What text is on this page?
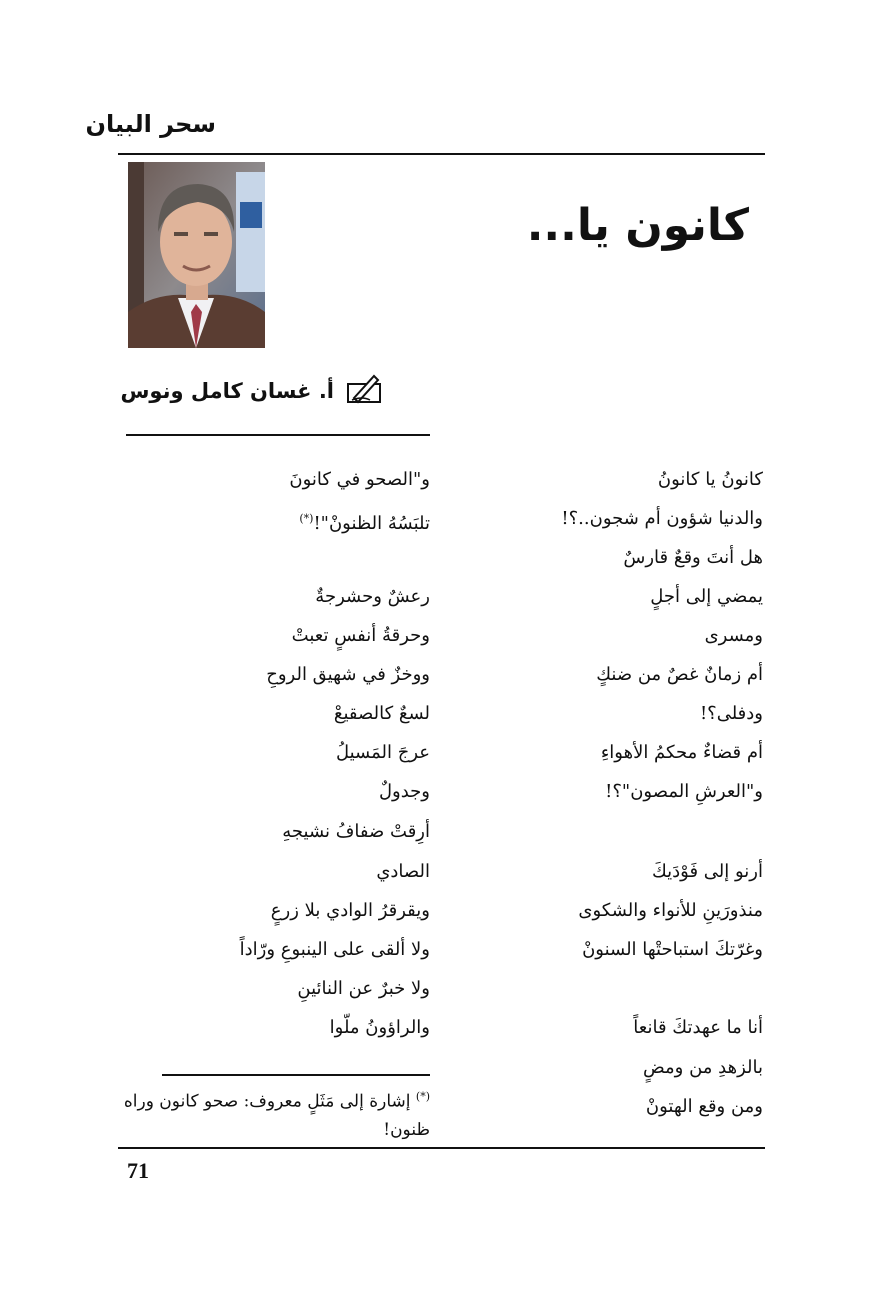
سحر البيان
كانون يا...
أ. غسان كامل ونوس
كانونُ يا كانونُ
والدنيا شؤون أم شجون..؟!
هل أنتَ وقعٌ قارسٌ
يمضي إلى أجلٍ
ومسرى
أم زمانٌ غصٌ من ضنكٍ
ودفلى؟!
أم قضاءٌ محكمُ الأهواءِ
و"العرشِ المصون"؟!
أرنو إلى فَوْدَيكَ
منذورَينِ للأنواء والشكوى
وغرّتكَ استباحتْها السنونْ
أنا ما عهدتكَ قانعاً
بالزهدِ من ومضٍ
ومن وقع الهتونْ
و"الصحو في كانونَ
تلبَسُهُ الظنونْ"!(*)
رعشٌ وحشرجةٌ
وحرقةُ أنفسٍ تعبتْ
ووخزٌ في شهيق الروحِ
لسعٌ كالصقيعْ
عرجَ المَسيلُ
وجدولٌ
أرِقتْ ضفافُ نشيجهِ
الصادي
ويقرقرُ الوادي بلا زرعٍ
ولا ألقى على الينبوعِ ورّاداً
ولا خبرٌ عن النائينِ
والراؤونُ ملّوا
(*) إشارة إلى مَثَلٍ معروف: صحو كانون وراه ظنون!
71
